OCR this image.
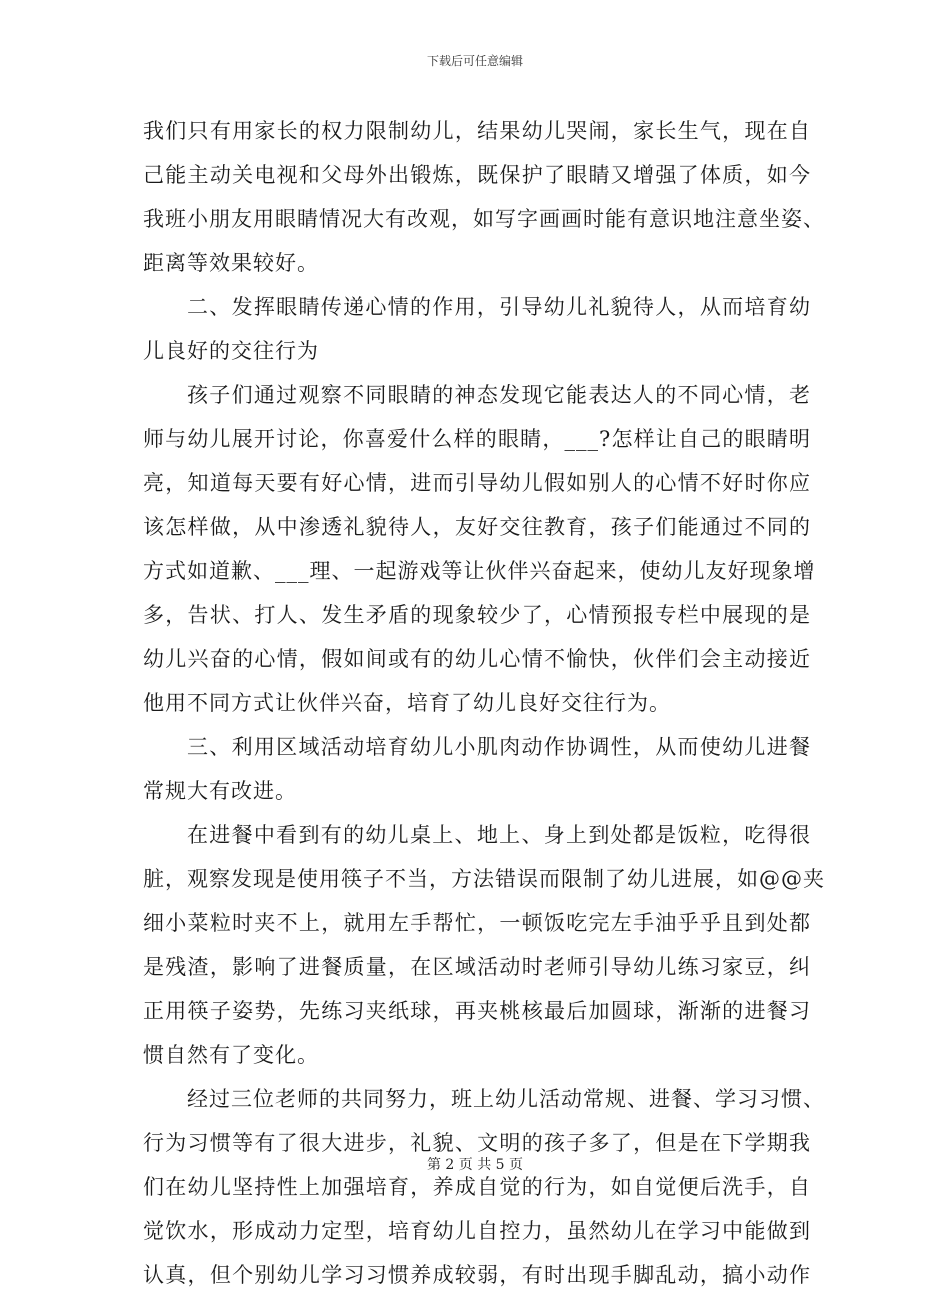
下载后可任意编辑
我们只有用家长的权力限制幼儿，结果幼儿哭闹，家长生气，现在自
己能主动关电视和父母外出锻炼，既保护了眼睛又增强了体质，如今
我班小朋友用眼睛情况大有改观，如写字画画时能有意识地注意坐姿、
距离等效果较好。
二、发挥眼睛传递心情的作用，引导幼儿礼貌待人，从而培育幼
儿良好的交往行为
孩子们通过观察不同眼睛的神态发现它能表达人的不同心情，老
师与幼儿展开讨论，你喜爱什么样的眼睛，___?怎样让自己的眼睛明
亮，知道每天要有好心情，进而引导幼儿假如别人的心情不好时你应
该怎样做，从中渗透礼貌待人，友好交往教育，孩子们能通过不同的
方式如道歉、___理、一起游戏等让伙伴兴奋起来，使幼儿友好现象增
多，告状、打人、发生矛盾的现象较少了，心情预报专栏中展现的是
幼儿兴奋的心情，假如间或有的幼儿心情不愉快，伙伴们会主动接近
他用不同方式让伙伴兴奋，培育了幼儿良好交往行为。
三、利用区域活动培育幼儿小肌肉动作协调性，从而使幼儿进餐
常规大有改进。
在进餐中看到有的幼儿桌上、地上、身上到处都是饭粒，吃得很
脏，观察发现是使用筷子不当，方法错误而限制了幼儿进展，如@@夹
细小菜粒时夹不上，就用左手帮忙，一顿饭吃完左手油乎乎且到处都
是残渣，影响了进餐质量，在区域活动时老师引导幼儿练习家豆，纠
正用筷子姿势，先练习夹纸球，再夹桃核最后加圆球，渐渐的进餐习
惯自然有了变化。
经过三位老师的共同努力，班上幼儿活动常规、进餐、学习习惯、
行为习惯等有了很大进步，礼貌、文明的孩子多了，但是在下学期我
们在幼儿坚持性上加强培育，养成自觉的行为，如自觉便后洗手，自
觉饮水，形成动力定型，培育幼儿自控力，虽然幼儿在学习中能做到
认真，但个别幼儿学习习惯养成较弱，有时出现手脚乱动，搞小动作
第 2 页 共 5 页
